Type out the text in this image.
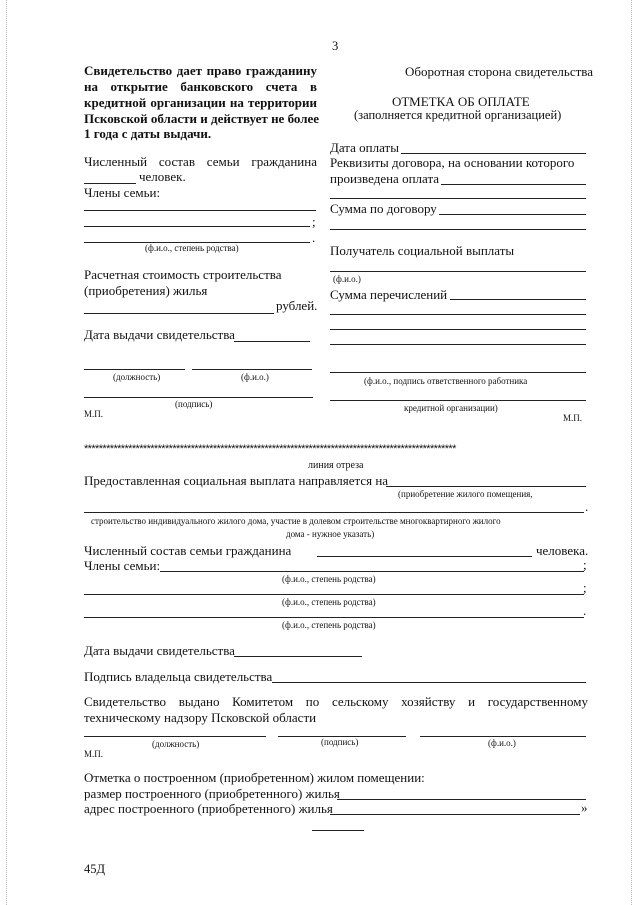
3
Свидетельство дает право гражданину
на открытие банковского счета в
кредитной организации на территории
Псковской области и действует не более
1 года с даты выдачи.
Численный состав семьи гражданина
человек.
Члены семьи:
;
.
(ф.и.о., степень родства)
Расчетная стоимость строительства
(приобретения) жилья
рублей.
Дата выдачи свидетельства
(должность)	(ф.и.о.)
(подпись)
М.П.
Оборотная сторона свидетельства
ОТМЕТКА ОБ ОПЛАТЕ
(заполняется кредитной организацией)
Дата оплаты
Реквизиты договора, на основании которого
произведена оплата
Сумма по договору
Получатель социальной выплаты
(ф.и.о.)
Сумма перечислений
(ф.и.о., подпись ответственного работника
кредитной организации)
М.П.
*****************************************************************************************************
линия отреза
Предоставленная социальная выплата направляется на
(приобретение жилого помещения,
.
строительство индивидуального жилого дома, участие в долевом строительстве многоквартирного жилого
дома - нужное указать)
Численный состав семьи гражданина	человека.
Члены семьи:	;
(ф.и.о., степень родства)
;
(ф.и.о., степень родства)
.
(ф.и.о., степень родства)
Дата выдачи свидетельства
Подпись владельца свидетельства
Свидетельство выдано Комитетом по сельскому хозяйству и государственному
техническому надзору Псковской области
(должность)	(подпись)	(ф.и.о.)
М.П.
Отметка о построенном (приобретенном) жилом помещении:
размер построенного (приобретенного) жилья
адрес построенного (приобретенного) жилья	»
45Д
